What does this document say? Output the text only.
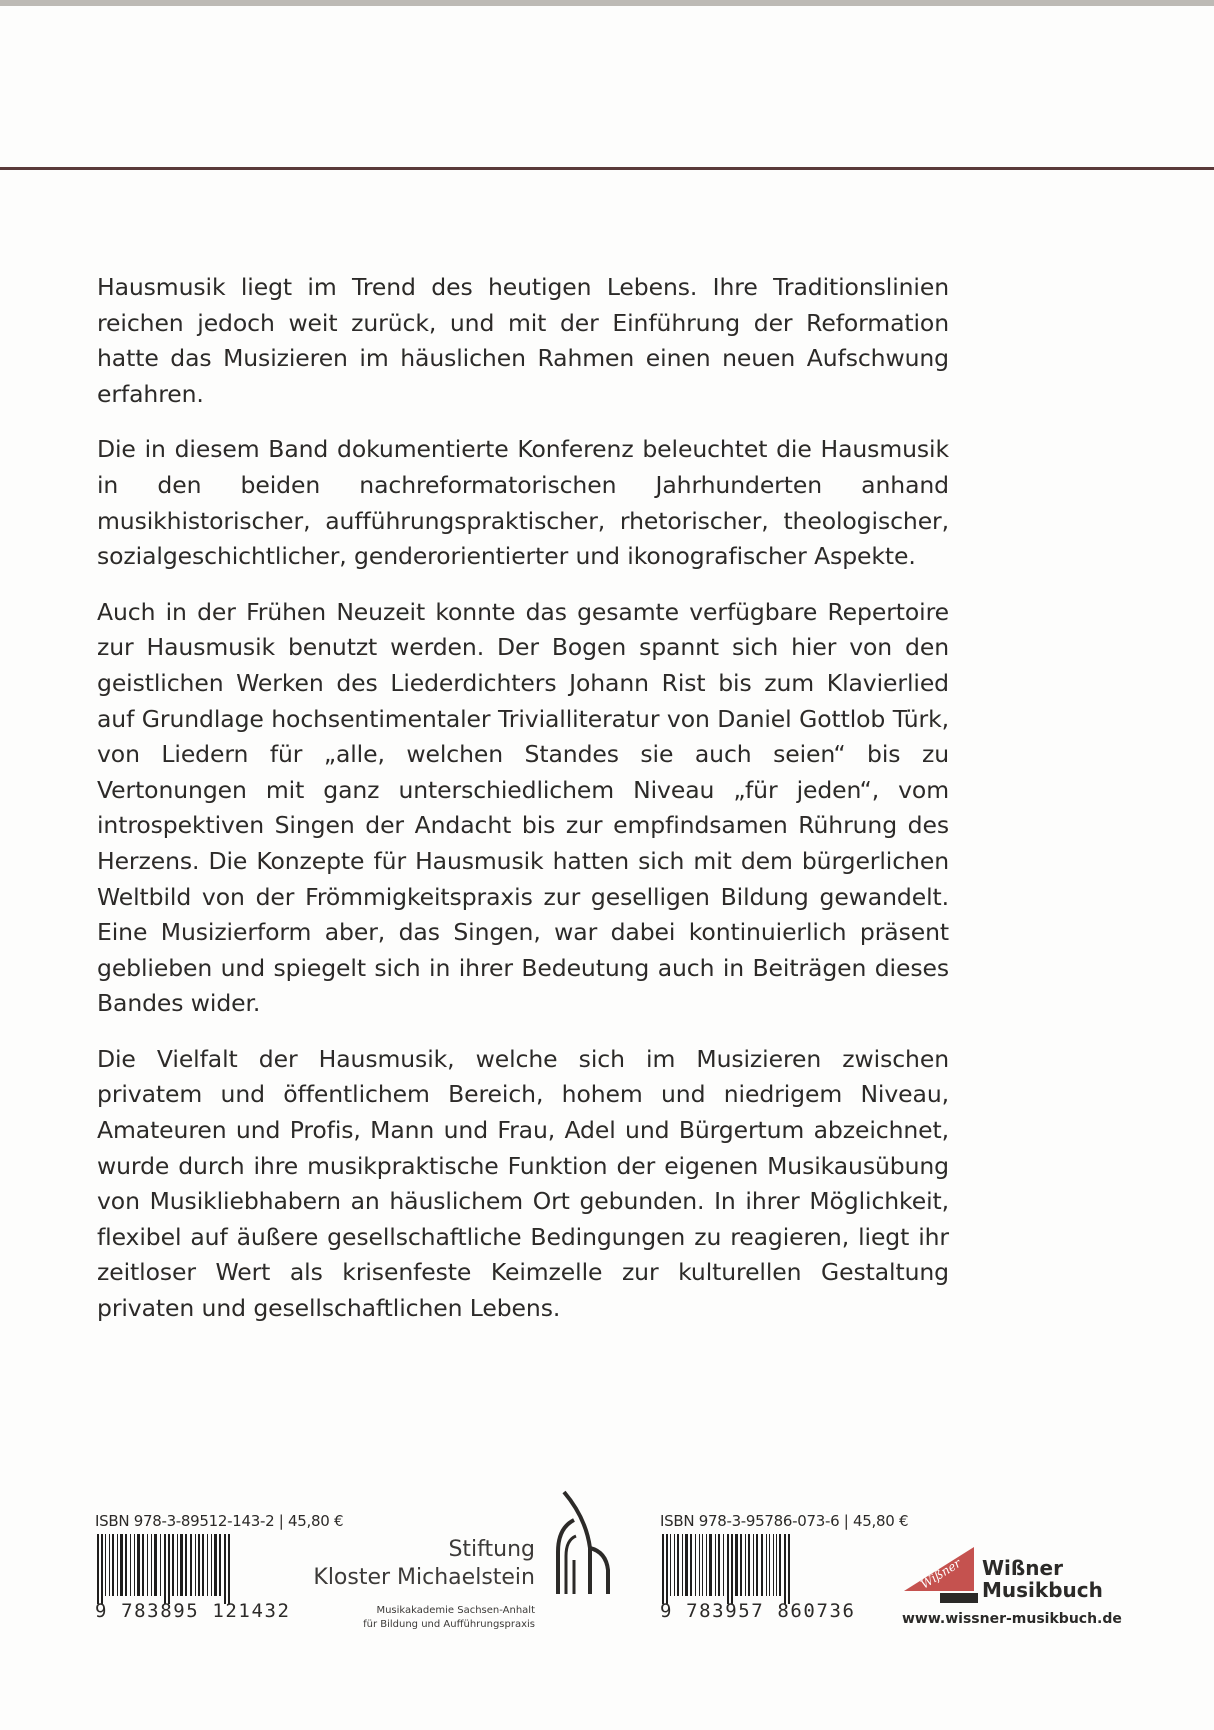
Hausmusik liegt im Trend des heutigen Lebens. Ihre Traditionslinien reichen jedoch weit zurück, und mit der Einführung der Reformation hatte das Musizieren im häuslichen Rahmen einen neuen Aufschwung erfahren.

Die in diesem Band dokumentierte Konferenz beleuchtet die Hausmusik in den beiden nachreformatorischen Jahrhunderten anhand musikhistorischer, aufführungspraktischer, rhetorischer, theologischer, sozialgeschichtlicher, genderorientierter und ikonografischer Aspekte.

Auch in der Frühen Neuzeit konnte das gesamte verfügbare Repertoire zur Hausmusik benutzt werden. Der Bogen spannt sich hier von den geistlichen Werken des Liederdichters Johann Rist bis zum Klavierlied auf Grundlage hochsentimentaler Trivialliteratur von Daniel Gottlob Türk, von Liedern für „alle, welchen Standes sie auch seien“ bis zu Vertonungen mit ganz unterschiedlichem Niveau „für jeden“, vom introspektiven Singen der Andacht bis zur empfindsamen Rührung des Herzens. Die Konzepte für Hausmusik hatten sich mit dem bürgerlichen Weltbild von der Frömmigkeitspraxis zur geselligen Bildung gewandelt. Eine Musizierform aber, das Singen, war dabei kontinuierlich präsent geblieben und spiegelt sich in ihrer Bedeutung auch in Beiträgen dieses Bandes wider.

Die Vielfalt der Hausmusik, welche sich im Musizieren zwischen privatem und öffentlichem Bereich, hohem und niedrigem Niveau, Amateuren und Profis, Mann und Frau, Adel und Bürgertum abzeichnet, wurde durch ihre musikpraktische Funktion der eigenen Musikausübung von Musikliebhabern an häuslichem Ort gebunden. In ihrer Möglichkeit, flexibel auf äußere gesellschaftliche Bedingungen zu reagieren, liegt ihr zeitloser Wert als krisenfeste Keimzelle zur kulturellen Gestaltung privaten und gesellschaftlichen Lebens.

ISBN 978-3-89512-143-2 | 45,80 €
9 783895 121432
Stiftung
Kloster Michaelstein
Musikakademie Sachsen-Anhalt
für Bildung und Aufführungspraxis
ISBN 978-3-95786-073-6 | 45,80 €
9 783957 860736
Wißner Wißner
Musikbuch
www.wissner-musikbuch.de
